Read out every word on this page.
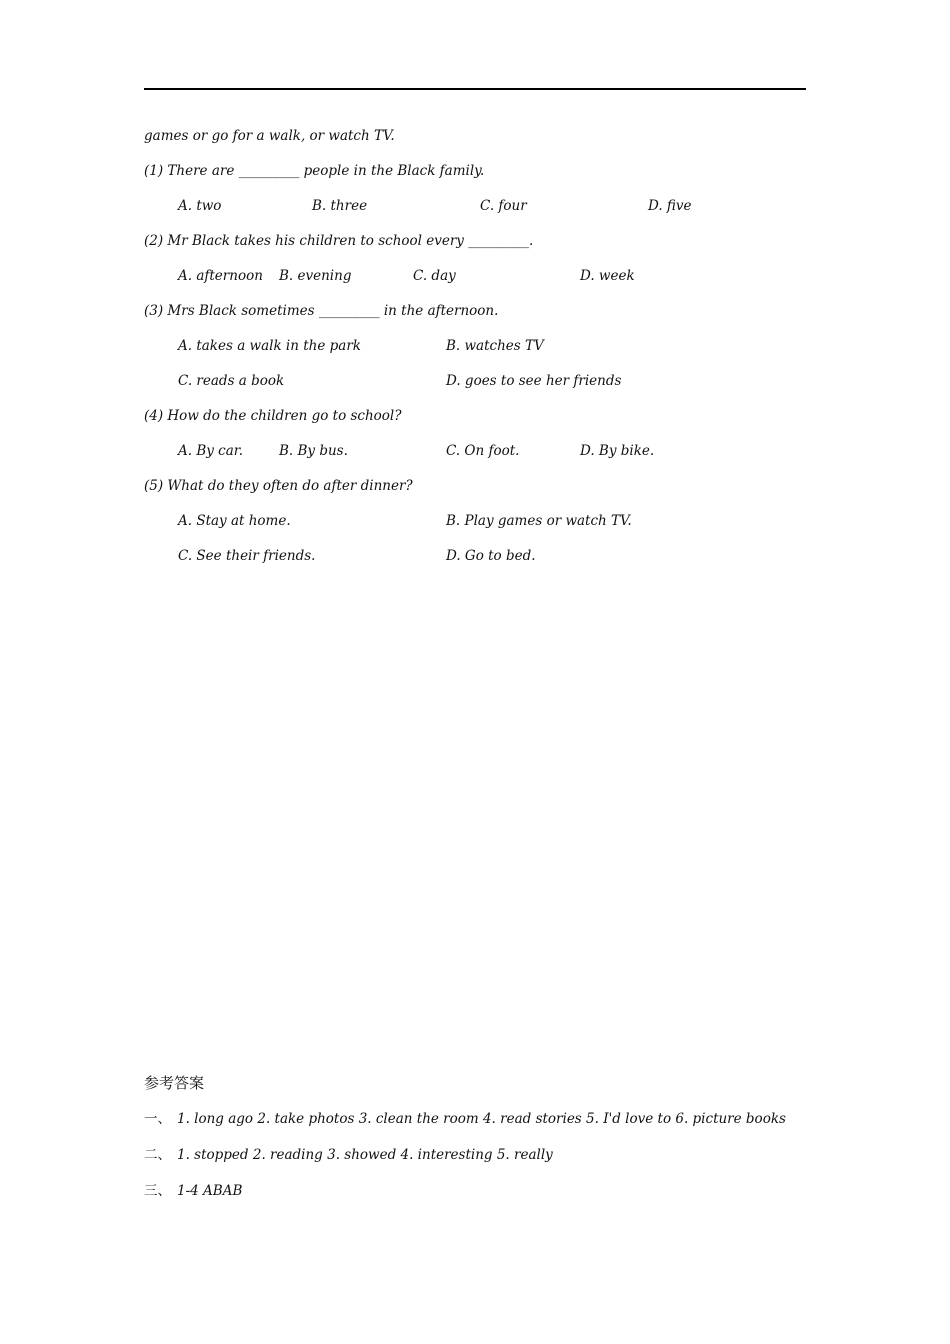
games or go for a walk, or watch TV.
(1) There are _________ people in the Black family.
A. two	B. three	C. four	D. five
(2) Mr Black takes his children to school every _________.
A. afternoon B. evening	C. day	D. week
(3) Mrs Black sometimes _________ in the afternoon.
A. takes a walk in the park	B. watches TV
C. reads a book	D. goes to see her friends
(4) How do the children go to school?
A. By car.	B. By bus.	C. On foot.	D. By bike.
(5) What do they often do after dinner?
A. Stay at home.	B. Play games or watch TV.
C. See their friends.	D. Go to bed.
参考答案
一、 1. long ago 2. take photos 3. clean the room 4. read stories 5. I'd love to 6. picture books
二、 1. stopped 2. reading 3. showed 4. interesting 5. really
三、 1-4 ABAB
